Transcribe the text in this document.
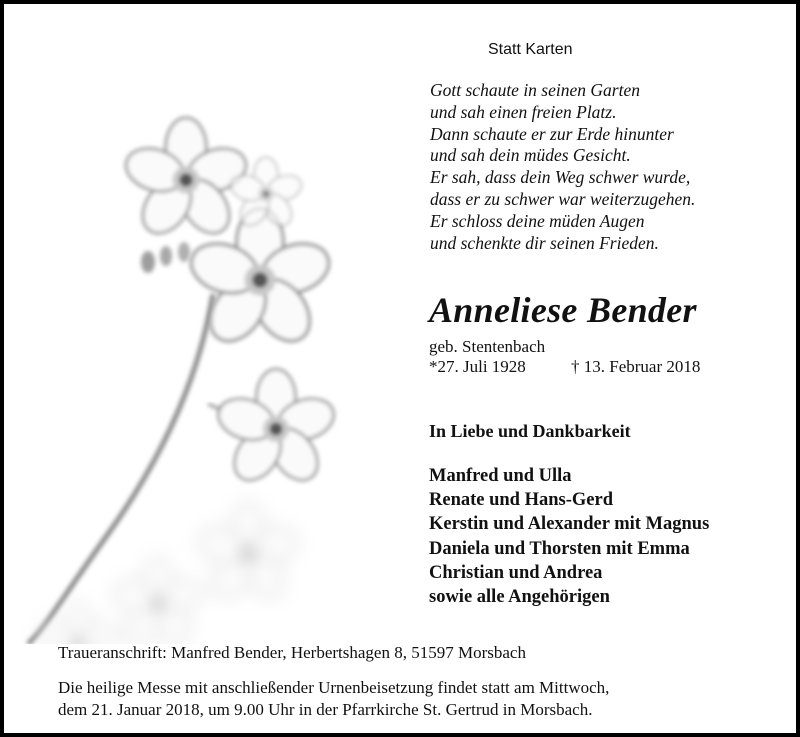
Statt Karten
Gott schaute in seinen Garten
und sah einen freien Platz.
Dann schaute er zur Erde hinunter
und sah dein müdes Gesicht.
Er sah, dass dein Weg schwer wurde,
dass er zu schwer war weiterzugehen.
Er schloss deine müden Augen
und schenkte dir seinen Frieden.
Anneliese Bender
geb. Stentenbach
*27. Juli 1928	† 13. Februar 2018
In Liebe und Dankbarkeit
Manfred und Ulla
Renate und Hans-Gerd
Kerstin und Alexander mit Magnus
Daniela und Thorsten mit Emma
Christian und Andrea
sowie alle Angehörigen
Traueranschrift: Manfred Bender, Herbertshagen 8, 51597 Morsbach
Die heilige Messe mit anschließender Urnenbeisetzung findet statt am Mittwoch,
dem 21. Januar 2018, um 9.00 Uhr in der Pfarrkirche St. Gertrud in Morsbach.
